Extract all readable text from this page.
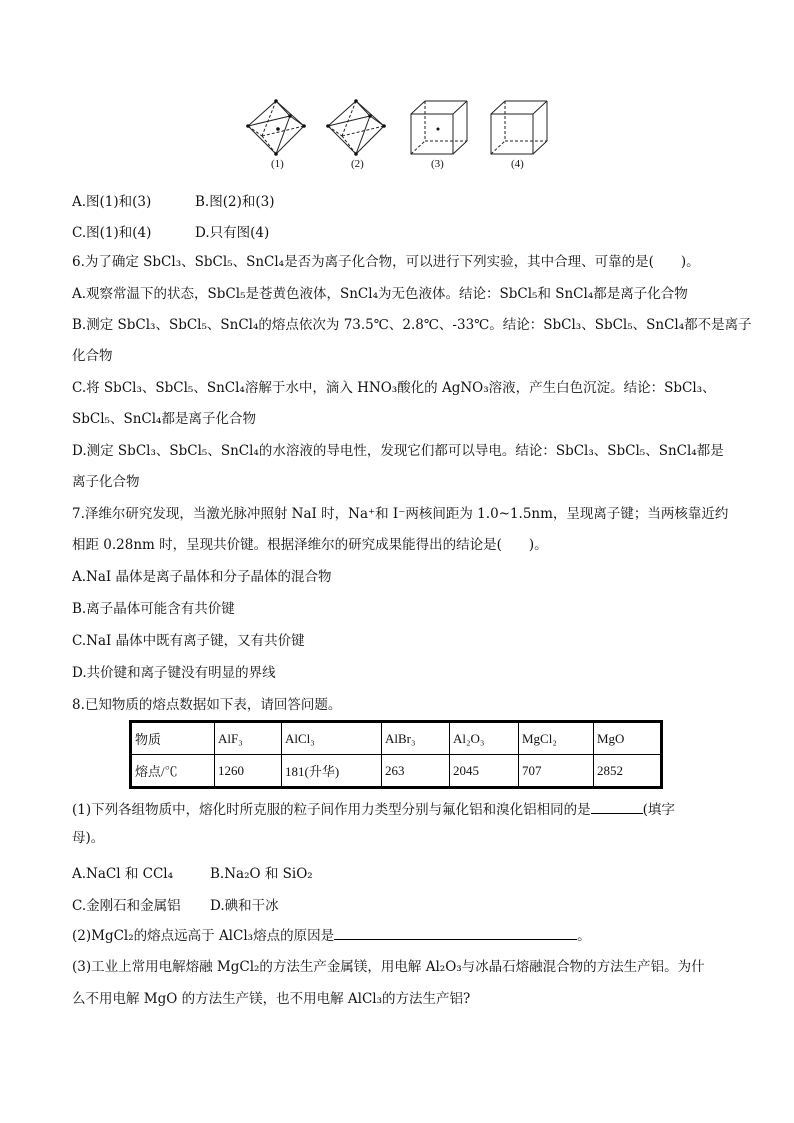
(1)	(2)	(3)	(4)
A.图(1)和(3)	B.图(2)和(3)
C.图(1)和(4)	D.只有图(4)
6.为了确定 SbCl₃、SbCl₅、SnCl₄是否为离子化合物，可以进行下列实验，其中合理、可靠的是(　　)。
A.观察常温下的状态，SbCl₅是苍黄色液体，SnCl₄为无色液体。结论：SbCl₅和 SnCl₄都是离子化合物
B.测定 SbCl₃、SbCl₅、SnCl₄的熔点依次为 73.5℃、2.8℃、-33℃。结论：SbCl₃、SbCl₅、SnCl₄都不是离子
化合物
C.将 SbCl₃、SbCl₅、SnCl₄溶解于水中，滴入 HNO₃酸化的 AgNO₃溶液，产生白色沉淀。结论：SbCl₃、
SbCl₅、SnCl₄都是离子化合物
D.测定 SbCl₃、SbCl₅、SnCl₄的水溶液的导电性，发现它们都可以导电。结论：SbCl₃、SbCl₅、SnCl₄都是
离子化合物
7.泽维尔研究发现，当激光脉冲照射 NaI 时，Na⁺和 I⁻两核间距为 1.0~1.5nm，呈现离子键；当两核靠近约
相距 0.28nm 时，呈现共价键。根据泽维尔的研究成果能得出的结论是(　　)。
A.NaI 晶体是离子晶体和分子晶体的混合物
B.离子晶体可能含有共价键
C.NaI 晶体中既有离子键，又有共价键
D.共价键和离子键没有明显的界线
8.已知物质的熔点数据如下表，请回答问题。
物质	AlF₃	AlCl₃	AlBr₃	Al₂O₃	MgCl₂	MgO
熔点/℃	1260	181(升华)	263	2045	707	2852
(1)下列各组物质中，熔化时所克服的粒子间作用力类型分别与氟化铝和溴化铝相同的是	(填字
母)。
A.NaCl 和 CCl₄	B.Na₂O 和 SiO₂
C.金刚石和金属铝 D.碘和干冰
(2)MgCl₂的熔点远高于 AlCl₃熔点的原因是	。
(3)工业上常用电解熔融 MgCl₂的方法生产金属镁，用电解 Al₂O₃与冰晶石熔融混合物的方法生产铝。为什
么不用电解 MgO 的方法生产镁，也不用电解 AlCl₃的方法生产铝?
